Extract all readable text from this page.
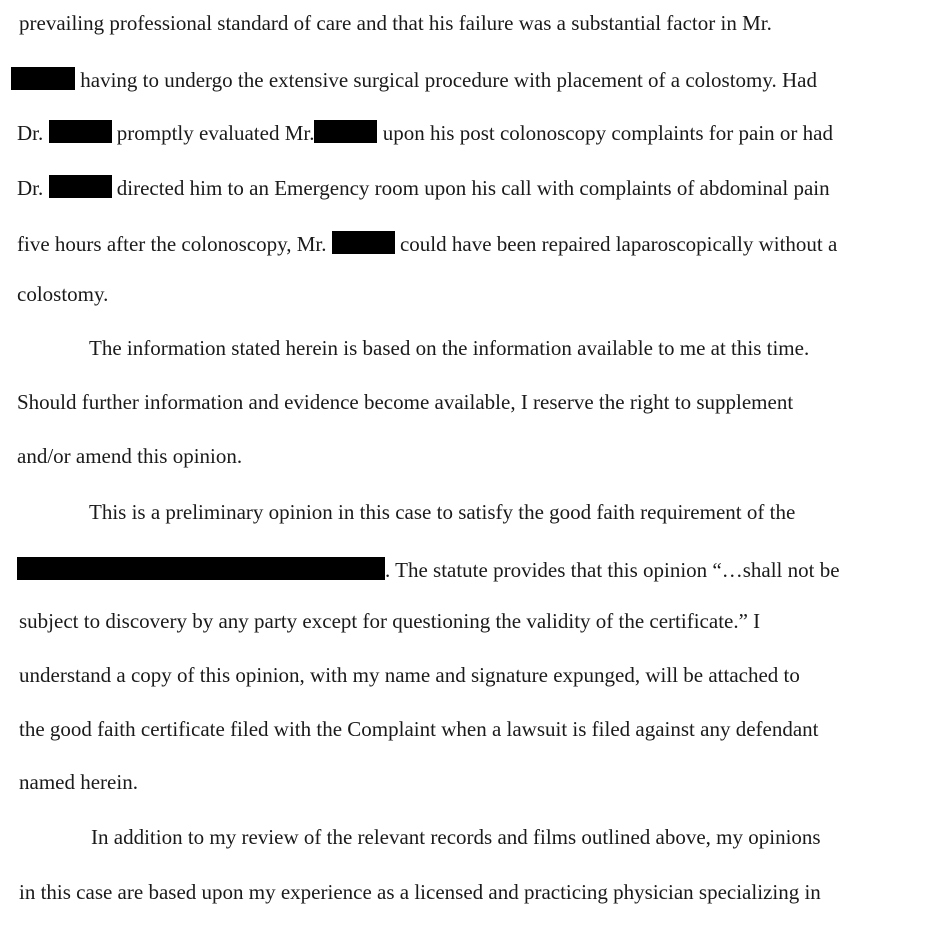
prevailing professional standard of care and that his failure was a substantial factor in Mr.
having to undergo the extensive surgical procedure with placement of a colostomy. Had
Dr.	promptly evaluated Mr.	upon his post colonoscopy complaints for pain or had
Dr.	directed him to an Emergency room upon his call with complaints of abdominal pain
five hours after the colonoscopy, Mr.	could have been repaired laparoscopically without a
colostomy.
The information stated herein is based on the information available to me at this time.
Should further information and evidence become available, I reserve the right to supplement
and/or amend this opinion.
This is a preliminary opinion in this case to satisfy the good faith requirement of the
. The statute provides that this opinion “…shall not be
subject to discovery by any party except for questioning the validity of the certificate.” I
understand a copy of this opinion, with my name and signature expunged, will be attached to
the good faith certificate filed with the Complaint when a lawsuit is filed against any defendant
named herein.
In addition to my review of the relevant records and films outlined above, my opinions
in this case are based upon my experience as a licensed and practicing physician specializing in
